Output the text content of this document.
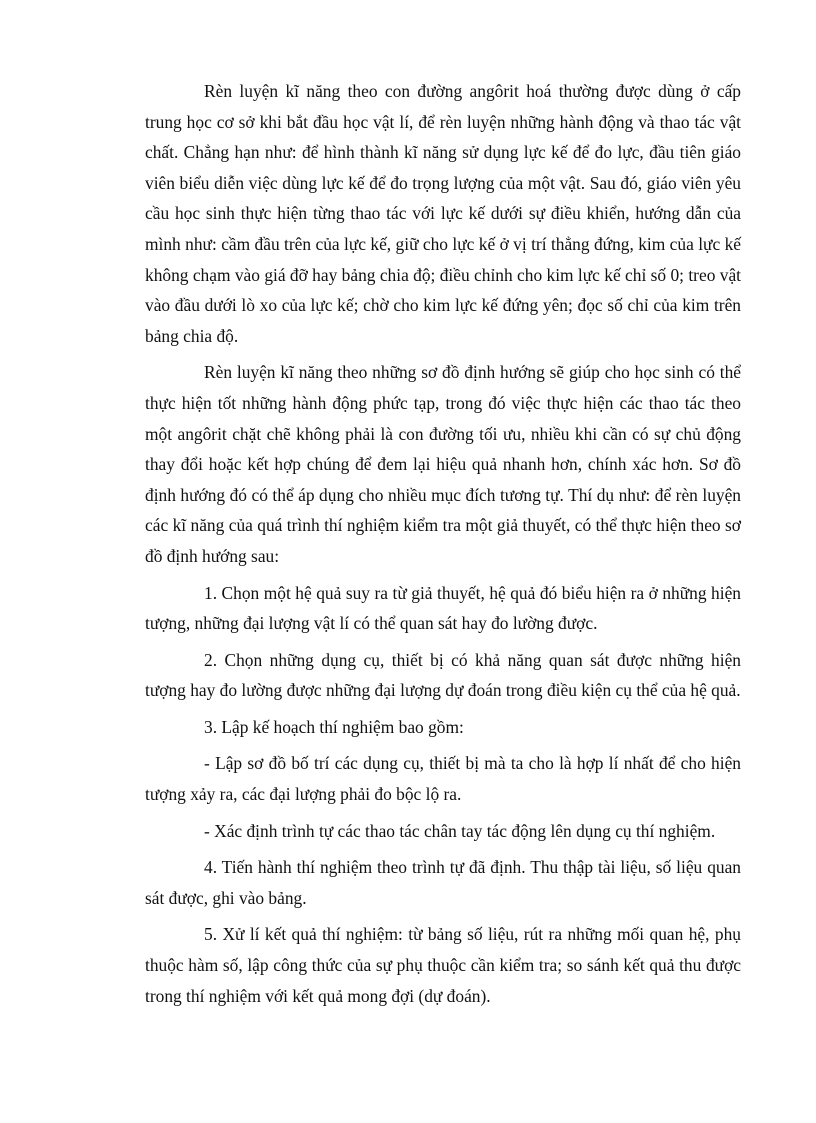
Rèn luyện kĩ năng theo con đường angôrit hoá thường được dùng ở cấp trung học cơ sở khi bắt đầu học vật lí, để rèn luyện những hành động và thao tác vật chất. Chẳng hạn như: để hình thành kĩ năng sử dụng lực kế để đo lực, đầu tiên giáo viên biểu diễn việc dùng lực kế để đo trọng lượng của một vật. Sau đó, giáo viên yêu cầu học sinh thực hiện từng thao tác với lực kế dưới sự điều khiển, hướng dẫn của mình như: cầm đầu trên của lực kế, giữ cho lực kế ở vị trí thẳng đứng, kim của lực kế không chạm vào giá đỡ hay bảng chia độ; điều chỉnh cho kim lực kế chỉ số 0; treo vật vào đầu dưới lò xo của lực kế; chờ cho kim lực kế đứng yên; đọc số chỉ của kim trên bảng chia độ.

Rèn luyện kĩ năng theo những sơ đồ định hướng sẽ giúp cho học sinh có thể thực hiện tốt những hành động phức tạp, trong đó việc thực hiện các thao tác theo một angôrit chặt chẽ không phải là con đường tối ưu, nhiều khi cần có sự chủ động thay đổi hoặc kết hợp chúng để đem lại hiệu quả nhanh hơn, chính xác hơn. Sơ đồ định hướng đó có thể áp dụng cho nhiều mục đích tương tự. Thí dụ như: để rèn luyện các kĩ năng của quá trình thí nghiệm kiểm tra một giả thuyết, có thể thực hiện theo sơ đồ định hướng sau:

1. Chọn một hệ quả suy ra từ giả thuyết, hệ quả đó biểu hiện ra ở những hiện tượng, những đại lượng vật lí có thể quan sát hay đo lường được.

2. Chọn những dụng cụ, thiết bị có khả năng quan sát được những hiện tượng hay đo lường được những đại lượng dự đoán trong điều kiện cụ thể của hệ quả.

3. Lập kế hoạch thí nghiệm bao gồm:

- Lập sơ đồ bố trí các dụng cụ, thiết bị mà ta cho là hợp lí nhất để cho hiện tượng xảy ra, các đại lượng phải đo bộc lộ ra.

- Xác định trình tự các thao tác chân tay tác động lên dụng cụ thí nghiệm.

4. Tiến hành thí nghiệm theo trình tự đã định. Thu thập tài liệu, số liệu quan sát được, ghi vào bảng.

5. Xử lí kết quả thí nghiệm: từ bảng số liệu, rút ra những mối quan hệ, phụ thuộc hàm số, lập công thức của sự phụ thuộc cần kiểm tra; so sánh kết quả thu được trong thí nghiệm với kết quả mong đợi (dự đoán).
